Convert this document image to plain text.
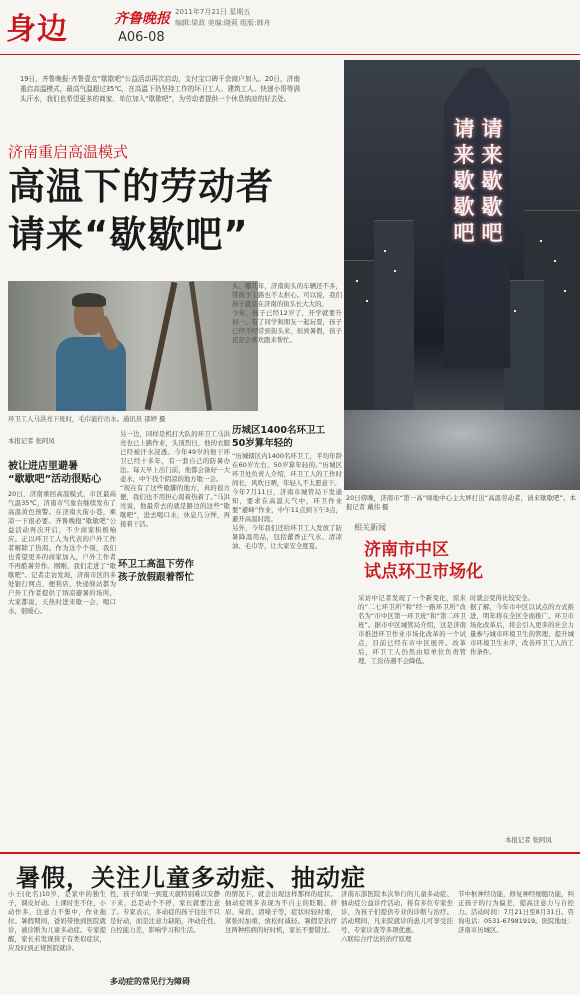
身边	齐鲁晚报 2011年7月21日 星期五
编辑:梁政 美编:晓莉 组版:韩舟
A06-08

19日，齐鲁晚报·齐鲁壹点“歇歇吧”公益活动再次启动，支付宝口碑千余商户加入。20日，济南重启高温模式，最高气温超过35℃，在高温下仍坚持工作的环卫工人、建筑工人、快递小哥等满头汗水，我们也希望更多的商家、单位加入“歇歇吧”，为劳动者提供一个休息纳凉的好去处。

济南重启高温模式
高温下的劳动者
请来“歇歇吧”
请来歇歇吧
请来歇歇吧

20日傍晚，济南市“第一高”绿地中心主大屏打出“高温劳动者，请来歇歇吧”。本报记者 戴伟 摄

环卫工人马洪亮下班时，毛巾能拧出水。通讯员 邵婷 摄

本报记者 张阿凤
被让进店里避暑
“歇歇吧”活动很贴心

20日，济南重回高温模式，市区最高气温35℃，济南市气象台继续发布了高温黄色预警。在济南大街小巷，乘凉一下很必要。齐鲁晚报“歇歇吧”公益活动再次开启，不少商家积极响应。正以环卫工人为代表的户外工作者解除了热渴。作为这个个别，我们也希望更多的商家加入，户外工作者不再酷暑劳作。刚刚，我们走进了“歇歇吧”。记者走访发现，济南市区的多处银行网点、便利店、快递驿站都为户外工作者提供了纳凉避暑的场所，大家都说，天热时进来歇一会，喝口水，很暖心。

另一边，同样是机打大队的环卫工马洪亮也已上路作业，头顶烈日，他的衣服已经被汗水浸透。今年49岁的他干环卫已经十多年，有一套自己的防暑办法。每天早上出门前，他都会备好一大壶水，中午找个阴凉的地方歇一会。
“现在有了这些歇脚的地方，真的很方便，我们也不用担心渴着热着了。”马洪亮说，他最常去的就是路边的这些“歇歇吧”，进去喝口水，休息几分钟，再接着干活。

环卫工高温下劳作
孩子放假跟着帮忙

头、哪几年，济南街头的车辆还不多，带孩子上路也不太担心。可以说，我们孩子就是在济南的街头长大大的。
今年，孩子已经12岁了，开学就要升初一。有了同学和朋友一起玩耍，孩子已经不经常到街头来，但到暑假，孩子还是会喜欢跑来帮忙。

历城区1400名环卫工
50岁算年轻的

“历城辖区内1400名环卫工，平均年龄在60岁左右，50岁算年轻的。”历城区环卫处负责人介绍，环卫工人的工作时间长，风吹日晒，年轻人不太愿意干。
今年7月11日，济南市城管局下发通知，要求在高温天气中，环卫作业要“避峰”作业，中午11点到下午3点，避开高温时段。
另外，今年我们还给环卫工人发放了防暑降温用品，包括藿香正气水、清凉油、毛巾等，让大家安全度夏。

相关新闻
济南市中区
试点环卫市场化

采访中记者发现了一个新变化，原来的“二七环卫所”和“经一路环卫所”改名为“市中区第一环卫班”和“第二环卫班”。据市中区城管局介绍，这是济南市推进环卫作业市场化改革的一个试点，目前已经在市中区展开。改革后，环卫工人仍然由原单位负责管理，工资待遇不会降低。

时就会变得比较安全。
据了解，今年市中区以试点的方式推进，明年将在全区全面推广。环卫市场化改革后，将会引入更多的社会力量参与城市环境卫生的管理，提升城市环境卫生水平，改善环卫工人的工作条件。

本报记者 张阿凤
暑假，关注儿童多动症、抽动症

小王(化名)10岁，是家中的独生子，调皮好动。上课时坐不住，小动作多，注意力不集中，作业拖拉。暑假期间，爸妈带他到医院就诊，被诊断为儿童多动症。专家提醒，家长若发现孩子有类似症状，应及时到正规医院就诊。

性，孩子如果一到夏天就特别难以安静下来，总是动个不停，家长就要注意了。专家表示，多动症的孩子往往不只是好动，而是注意力缺陷，冲动任性，自控能力差，影响学习和生活。

多动症的常见行为障碍

的情况下，就会出现这样那样的症状。抽动症则多表现为不自主的眨眼、挤眉、耸肩、清嗓子等，症状时轻时重，紧张时加重，放松时减轻。暑假是治疗这两种疾病的好时机，家长不要错过。

济南东部医院本次举行的儿童多动症、抽动症公益诊疗活动，将有多位专家坐诊，为孩子们提供专业的诊断与治疗。活动期间，凡来院就诊的患儿可享受挂号、专家诊查等多项优惠。
六联综合疗法的治疗原理

节中枢神经功能，修复神经细胞功能，纠正孩子的行为偏差，提高注意力与自控力。活动时间：7月21日至8月31日。咨询电话：0531-67981919。医院地址：济南市历城区。
